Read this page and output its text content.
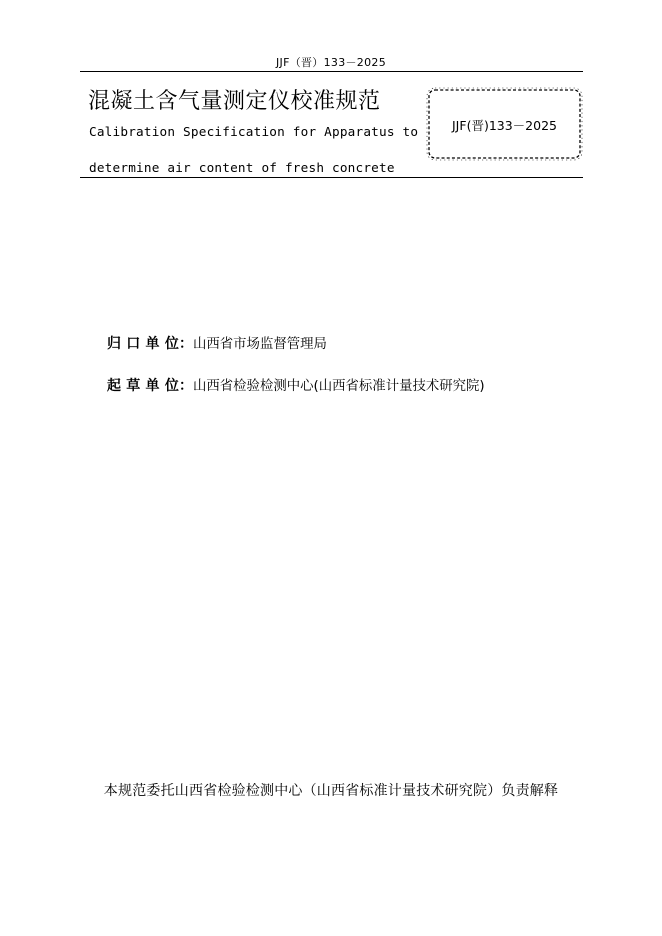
JJF（晋）133－2025
混凝土含气量测定仪校准规范
Calibration Specification for Apparatus to
determine air content of fresh concrete
JJF(晋)133－2025
归 口 单 位：山西省市场监督管理局
起 草 单 位：山西省检验检测中心(山西省标准计量技术研究院)
本规范委托山西省检验检测中心（山西省标准计量技术研究院）负责解释
